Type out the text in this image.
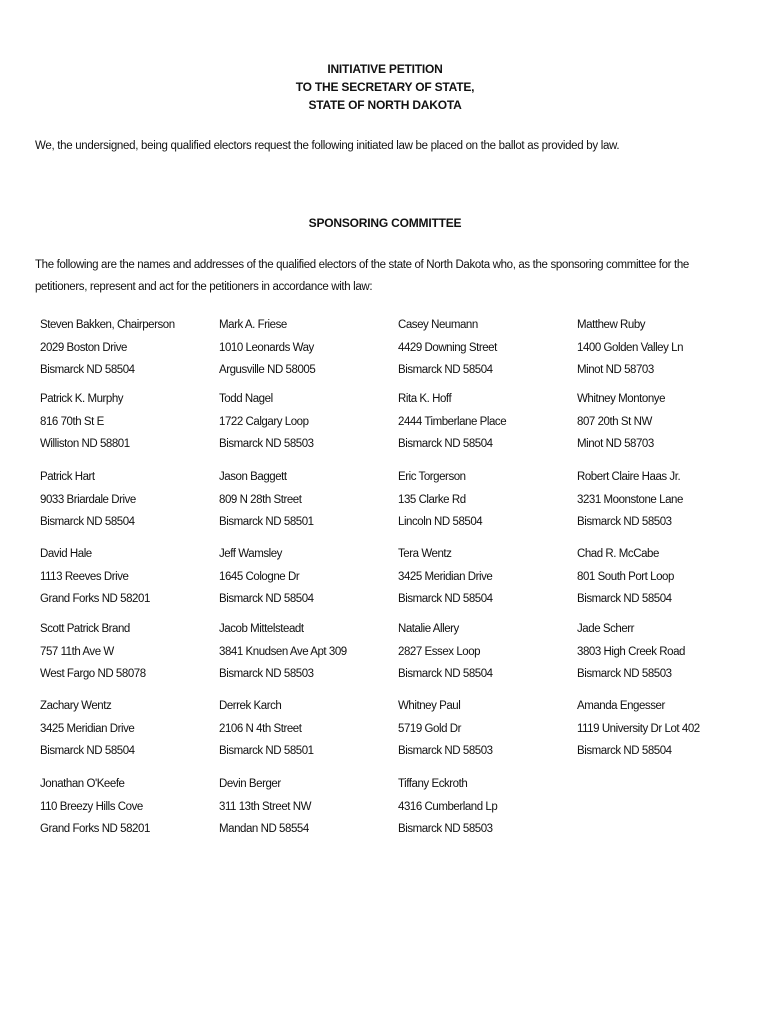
INITIATIVE PETITION
TO THE SECRETARY OF STATE,
STATE OF NORTH DAKOTA
We, the undersigned, being qualified electors request the following initiated law be placed on the ballot as provided by law.
SPONSORING COMMITTEE
The following are the names and addresses of the qualified electors of the state of North Dakota who, as the sponsoring committee for the petitioners, represent and act for the petitioners in accordance with law:
Steven Bakken, Chairperson
2029 Boston Drive
Bismarck ND 58504
Mark A. Friese
1010 Leonards Way
Argusville ND 58005
Casey Neumann
4429 Downing Street
Bismarck ND 58504
Matthew Ruby
1400 Golden Valley Ln
Minot ND 58703
Patrick K. Murphy
816 70th St E
Williston ND 58801
Todd Nagel
1722 Calgary Loop
Bismarck ND 58503
Rita K. Hoff
2444 Timberlane Place
Bismarck ND 58504
Whitney Montonye
807 20th St NW
Minot ND 58703
Patrick Hart
9033 Briardale Drive
Bismarck ND 58504
Jason Baggett
809 N 28th Street
Bismarck ND 58501
Eric Torgerson
135 Clarke Rd
Lincoln ND 58504
Robert Claire Haas Jr.
3231 Moonstone Lane
Bismarck ND 58503
David Hale
1113 Reeves Drive
Grand Forks ND 58201
Jeff Wamsley
1645 Cologne Dr
Bismarck ND 58504
Tera Wentz
3425 Meridian Drive
Bismarck ND 58504
Chad R. McCabe
801 South Port Loop
Bismarck ND 58504
Scott Patrick Brand
757 11th Ave W
West Fargo ND 58078
Jacob Mittelsteadt
3841 Knudsen Ave Apt 309
Bismarck ND 58503
Natalie Allery
2827 Essex Loop
Bismarck ND 58504
Jade Scherr
3803 High Creek Road
Bismarck ND 58503
Zachary Wentz
3425 Meridian Drive
Bismarck ND 58504
Derrek Karch
2106 N 4th Street
Bismarck ND 58501
Whitney Paul
5719 Gold Dr
Bismarck ND 58503
Amanda Engesser
1119 University Dr Lot 402
Bismarck ND 58504
Jonathan O'Keefe
110 Breezy Hills Cove
Grand Forks ND 58201
Devin Berger
311 13th Street NW
Mandan ND 58554
Tiffany Eckroth
4316 Cumberland Lp
Bismarck ND 58503
